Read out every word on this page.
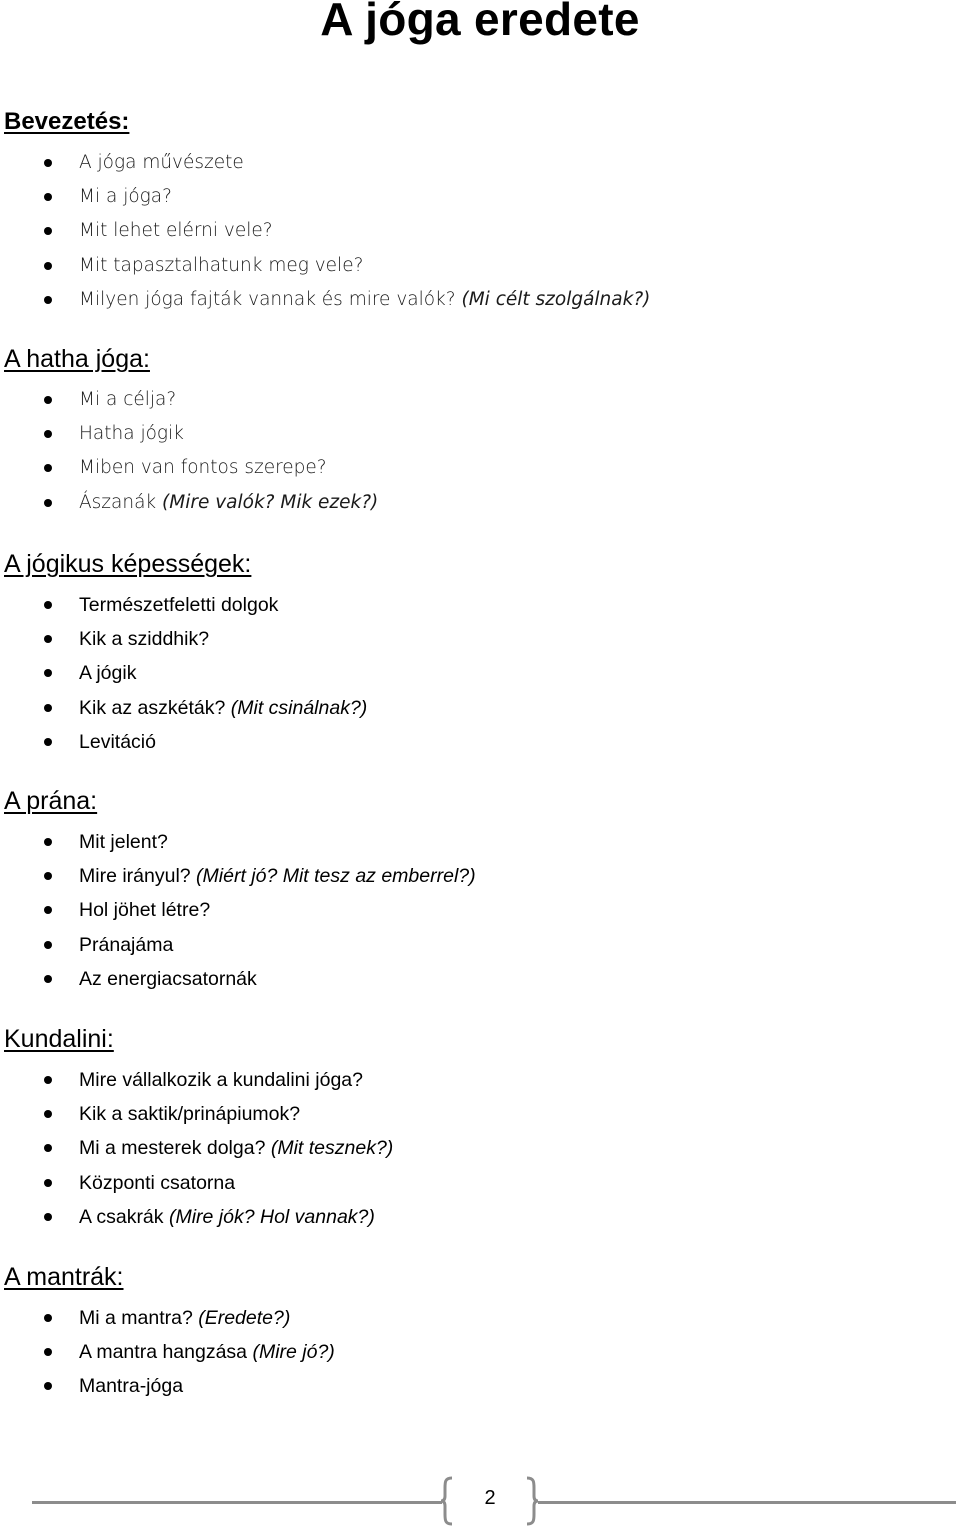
A jóga eredete
Bevezetés:
A jóga művészete
Mi a jóga?
Mit lehet elérni vele?
Mit tapasztalhatunk meg vele?
Milyen jóga fajták vannak és mire valók? (Mi célt szolgálnak?)
A hatha jóga:
Mi a célja?
Hatha jógik
Miben van fontos szerepe?
Ászanák (Mire valók? Mik ezek?)
A jógikus képességek:
Természetfeletti dolgok
Kik a sziddhik?
A jógik
Kik az aszkéták? (Mit csinálnak?)
Levitáció
A prána:
Mit jelent?
Mire irányul? (Miért jó? Mit tesz az emberrel?)
Hol jöhet létre?
Pránajáma
Az energiacsatornák
Kundalini:
Mire vállalkozik a kundalini jóga?
Kik a saktik/prinápiumok?
Mi a mesterek dolga? (Mit tesznek?)
Központi csatorna
A csakrák (Mire jók? Hol vannak?)
A mantrák:
Mi a mantra? (Eredete?)
A mantra hangzása (Mire jó?)
Mantra-jóga
2
